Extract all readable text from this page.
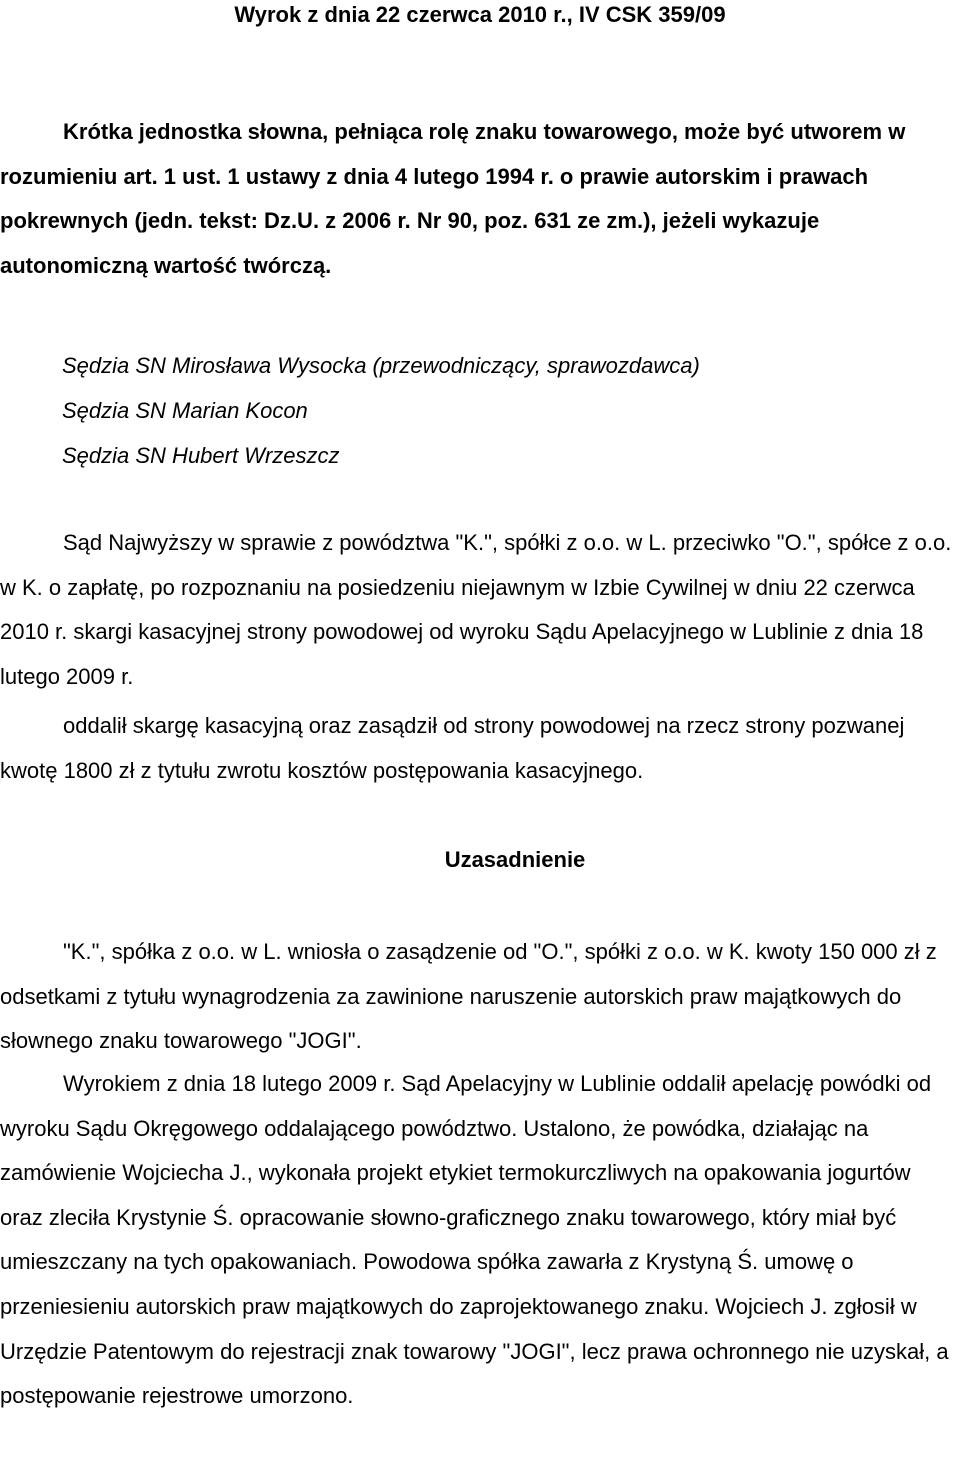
Wyrok z dnia 22 czerwca 2010 r., IV CSK 359/09

Krótka jednostka słowna, pełniąca rolę znaku towarowego, może być utworem w rozumieniu art. 1 ust. 1 ustawy z dnia 4 lutego 1994 r. o prawie autorskim i prawach pokrewnych (jedn. tekst: Dz.U. z 2006 r. Nr 90, poz. 631 ze zm.), jeżeli wykazuje autonomiczną wartość twórczą.

Sędzia SN Mirosława Wysocka (przewodniczący, sprawozdawca)
Sędzia SN Marian Kocon
Sędzia SN Hubert Wrzeszcz

Sąd Najwyższy w sprawie z powództwa "K.", spółki z o.o. w L. przeciwko "O.", spółce z o.o. w K. o zapłatę, po rozpoznaniu na posiedzeniu niejawnym w Izbie Cywilnej w dniu 22 czerwca 2010 r. skargi kasacyjnej strony powodowej od wyroku Sądu Apelacyjnego w Lublinie z dnia 18 lutego 2009 r.

oddalił skargę kasacyjną oraz zasądził od strony powodowej na rzecz strony pozwanej kwotę 1800 zł z tytułu zwrotu kosztów postępowania kasacyjnego.

Uzasadnienie

"K.", spółka z o.o. w L. wniosła o zasądzenie od "O.", spółki z o.o. w K. kwoty 150 000 zł z odsetkami z tytułu wynagrodzenia za zawinione naruszenie autorskich praw majątkowych do słownego znaku towarowego "JOGI".

Wyrokiem z dnia 18 lutego 2009 r. Sąd Apelacyjny w Lublinie oddalił apelację powódki od wyroku Sądu Okręgowego oddalającego powództwo. Ustalono, że powódka, działając na zamówienie Wojciecha J., wykonała projekt etykiet termokurczliwych na opakowania jogurtów oraz zleciła Krystynie Ś. opracowanie słowno-graficznego znaku towarowego, który miał być umieszczany na tych opakowaniach. Powodowa spółka zawarła z Krystyną Ś. umowę o przeniesieniu autorskich praw majątkowych do zaprojektowanego znaku. Wojciech J. zgłosił w Urzędzie Patentowym do rejestracji znak towarowy "JOGI", lecz prawa ochronnego nie uzyskał, a postępowanie rejestrowe umorzono.
